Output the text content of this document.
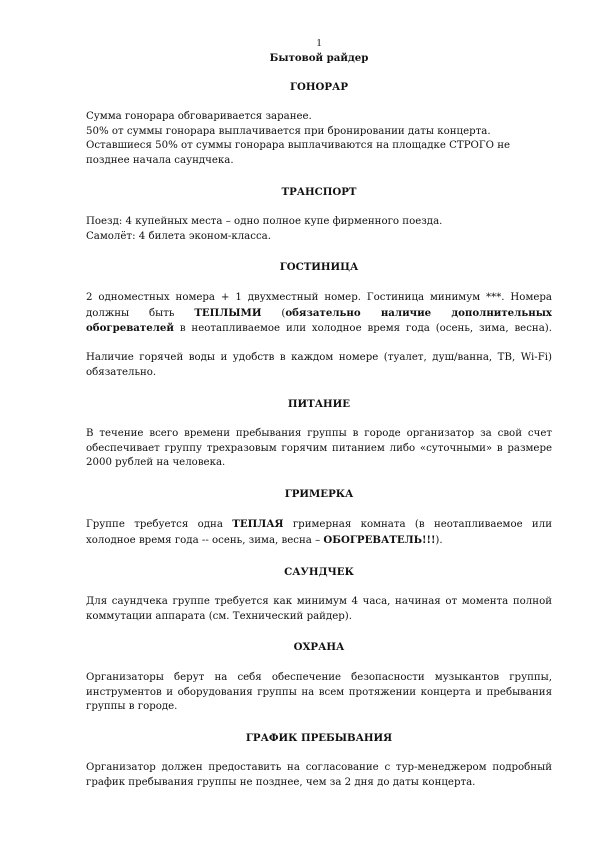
1
Бытовой райдер
ГОНОРАР

Сумма гонорара обговаривается заранее.

50% от суммы гонорара выплачивается при бронировании даты концерта.

Оставшиеся 50% от суммы гонорара выплачиваются на площадке СТРОГО не

позднее начала саундчека.

ТРАНСПОРТ

Поезд: 4 купейных места – одно полное купе фирменного поезда.

Самолёт: 4 билета эконом-класса.

ГОСТИНИЦА

2 одноместных номера + 1 двухместный номер. Гостиница минимум ***. Номера должны быть ТЕПЛЫМИ (обязательно наличие дополнительных обогревателей в неотапливаемое или холодное время года (осень, зима, весна).

Наличие горячей воды и удобств в каждом номере (туалет, душ/ванна, ТВ, Wi-Fi) обязательно.

ПИТАНИЕ

В течение всего времени пребывания группы в городе организатор за свой счет обеспечивает группу трехразовым горячим питанием либо «суточными» в размере 2000 рублей на человека.

ГРИМЕРКА

Группе требуется одна ТЕПЛАЯ гримерная комната (в неотапливаемое или холодное время года -- осень, зима, весна – ОБОГРЕВАТЕЛЬ!!!).

САУНДЧЕК

Для саундчека группе требуется как минимум 4 часа, начиная от момента полной коммутации аппарата (см. Технический райдер).

ОХРАНА

Организаторы берут на себя обеспечение безопасности музыкантов группы, инструментов и оборудования группы на всем протяжении концерта и пребывания группы в городе.

ГРАФИК ПРЕБЫВАНИЯ

Организатор должен предоставить на согласование с тур-менеджером подробный график пребывания группы не позднее, чем за 2 дня до даты концерта.
